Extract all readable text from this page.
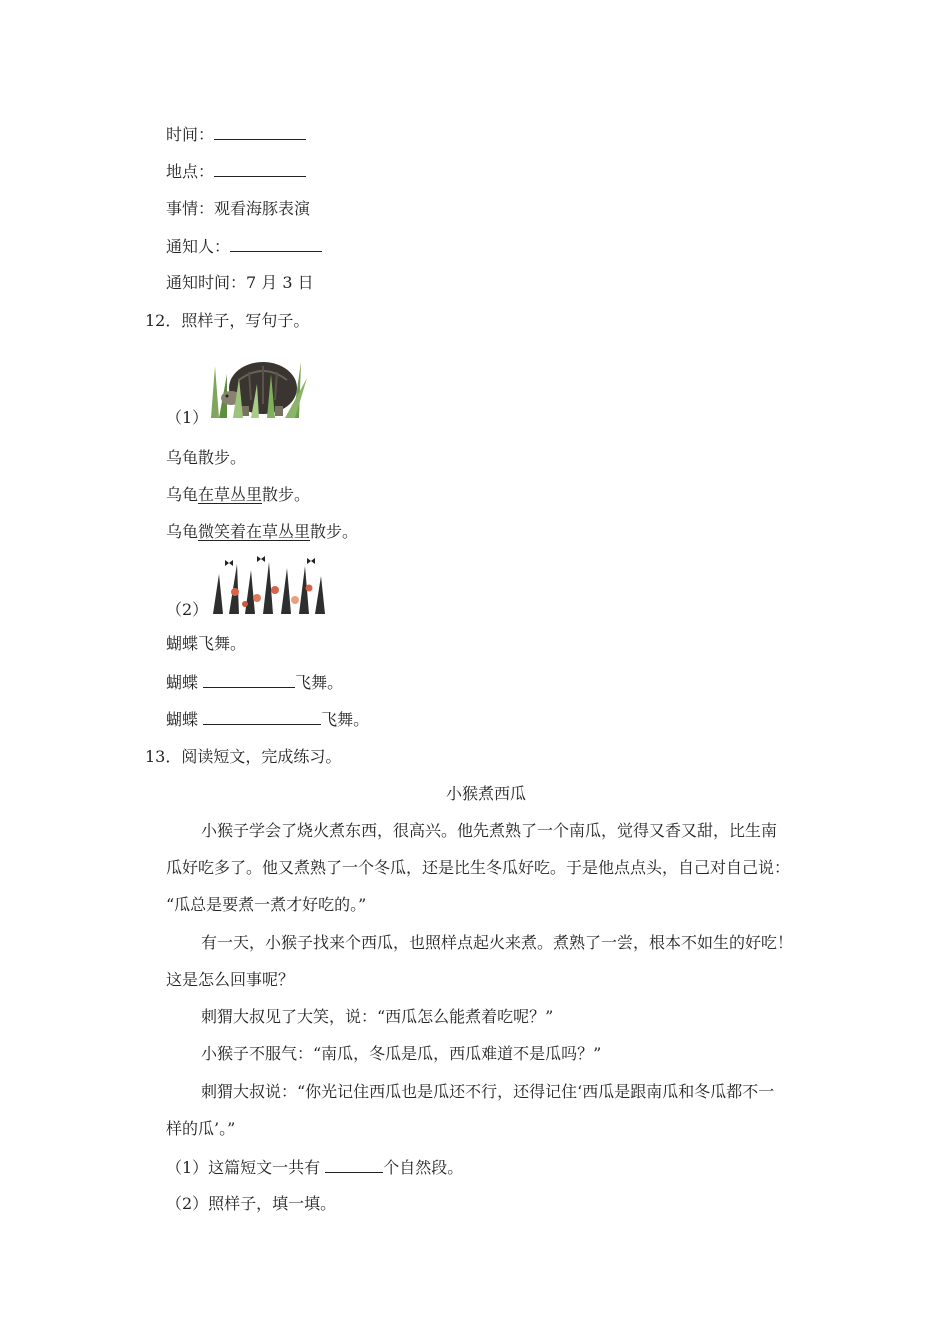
时间：
地点：
事情：观看海豚表演
通知人：
通知时间：7 月 3 日
12．照样子，写句子。
（1）
乌龟散步。
乌龟在草丛里散步。
乌龟微笑着在草丛里散步。
（2）
蝴蝶飞舞。
蝴蝶	飞舞。
蝴蝶	飞舞。
13．阅读短文，完成练习。
小猴煮西瓜
小猴子学会了烧火煮东西，很高兴。他先煮熟了一个南瓜，觉得又香又甜，比生南
瓜好吃多了。他又煮熟了一个冬瓜，还是比生冬瓜好吃。于是他点点头，自己对自己说：
“瓜总是要煮一煮才好吃的。”
有一天，小猴子找来个西瓜，也照样点起火来煮。煮熟了一尝，根本不如生的好吃！
这是怎么回事呢？
刺猬大叔见了大笑，说：“西瓜怎么能煮着吃呢？”
小猴子不服气：“南瓜，冬瓜是瓜，西瓜难道不是瓜吗？”
刺猬大叔说：“你光记住西瓜也是瓜还不行，还得记住‘西瓜是跟南瓜和冬瓜都不一
样的瓜’。”
（1）这篇短文一共有	个自然段。
（2）照样子，填一填。
